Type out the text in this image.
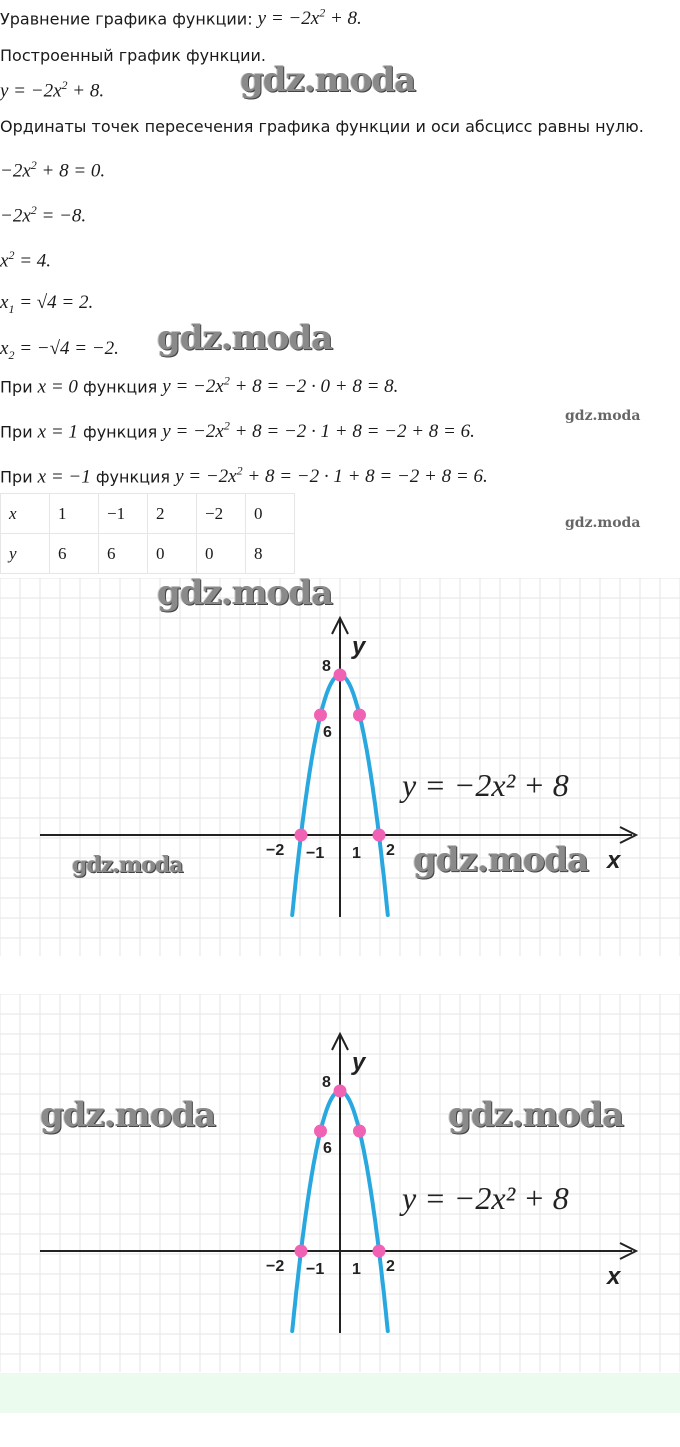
Уравнение графика функции: $y = -2x^2 + 8$.
Построенный график функции.
$y = -2x^2 + 8$.
Ординаты точек пересечения графика функции и оси абсцисс равны нулю.
$-2x^2 + 8 = 0$.
$-2x^2 = -8$.
$x^2 = 4$.
$x_1 = √4 = 2$.
$x_2 = -√4 = -2$.
При x = 0 функция $y = -2x^2 + 8 = -2 \cdot 0 + 8 = 8$.
При x = 1 функция $y = -2x^2 + 8 = -2 \cdot 1 + 8 = -2 + 8 = 6$.
При x = −1 функция $y = -2x^2 + 8 = -2 \cdot 1 + 8 = -2 + 8 = 6$.
x	1	−1	2	−2	0
y	6	6	0	0	8
−2 −1 1 2
8
6
y
x
y = −2x² + 8
−2 −1 1 2
8
6
y
x
y = −2x² + 8
gdz.moda
gdz.moda
gdz.moda
gdz.moda
gdz.moda
gdz.moda	gdz.moda
gdz.moda	gdz.moda
